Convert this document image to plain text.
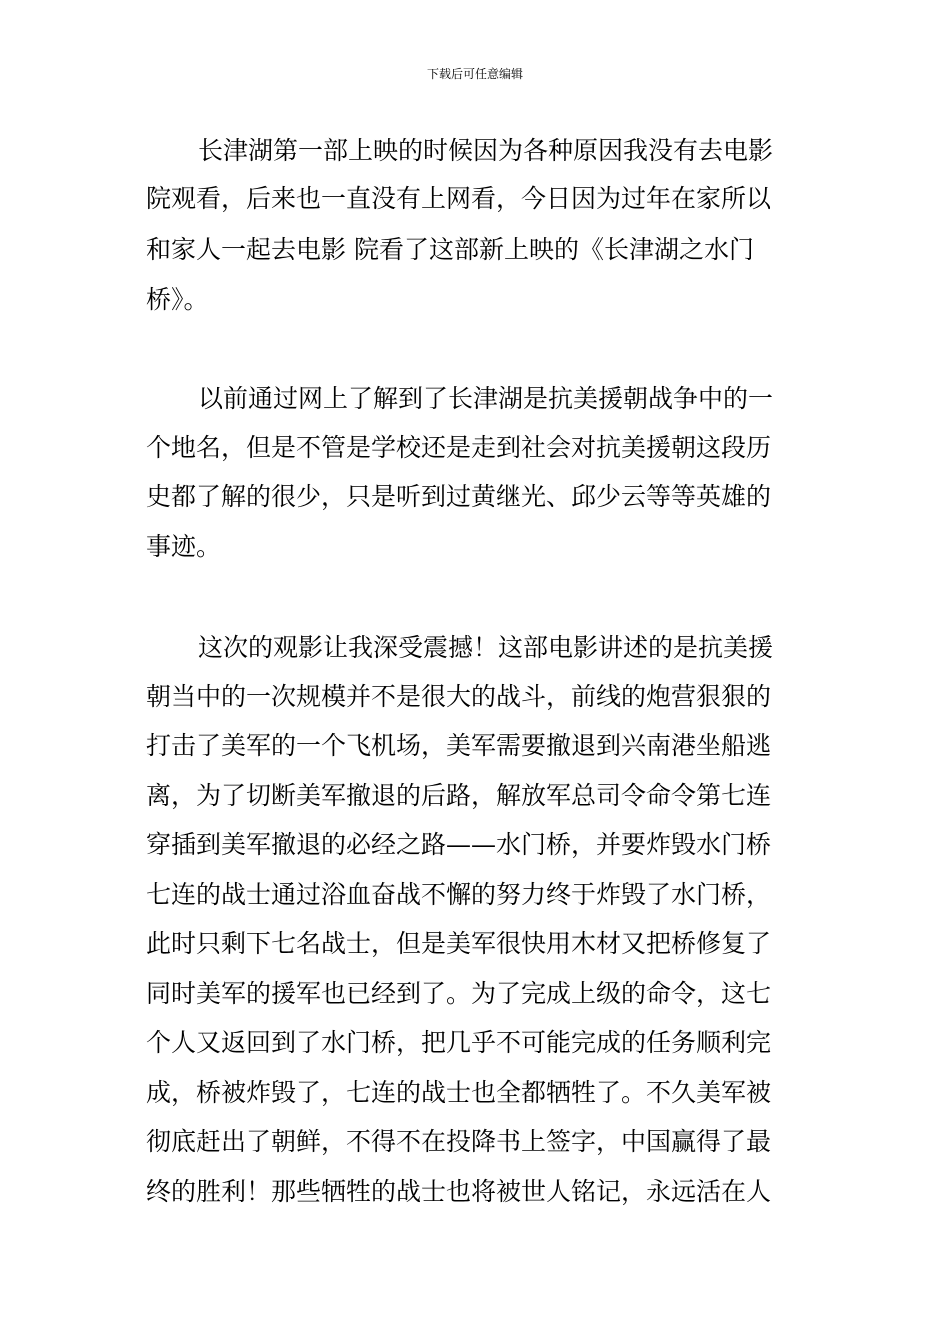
下载后可任意编辑
长津湖第一部上映的时候因为各种原因我没有去电影
院观看，后来也一直没有上网看，今日因为过年在家所以
和家人一起去电影 院看了这部新上映的《长津湖之水门
桥》。
以前通过网上了解到了长津湖是抗美援朝战争中的一
个地名，但是不管是学校还是走到社会对抗美援朝这段历
史都了解的很少，只是听到过黄继光、邱少云等等英雄的
事迹。
这次的观影让我深受震撼！这部电影讲述的是抗美援
朝当中的一次规模并不是很大的战斗，前线的炮营狠狠的
打击了美军的一个飞机场，美军需要撤退到兴南港坐船逃
离，为了切断美军撤退的后路，解放军总司令命令第七连
穿插到美军撤退的必经之路——水门桥，并要炸毁水门桥
七连的战士通过浴血奋战不懈的努力终于炸毁了水门桥，
此时只剩下七名战士，但是美军很快用木材又把桥修复了
同时美军的援军也已经到了。为了完成上级的命令，这七
个人又返回到了水门桥，把几乎不可能完成的任务顺利完
成，桥被炸毁了，七连的战士也全都牺牲了。不久美军被
彻底赶出了朝鲜，不得不在投降书上签字，中国赢得了最
终的胜利！那些牺牲的战士也将被世人铭记，永远活在人
